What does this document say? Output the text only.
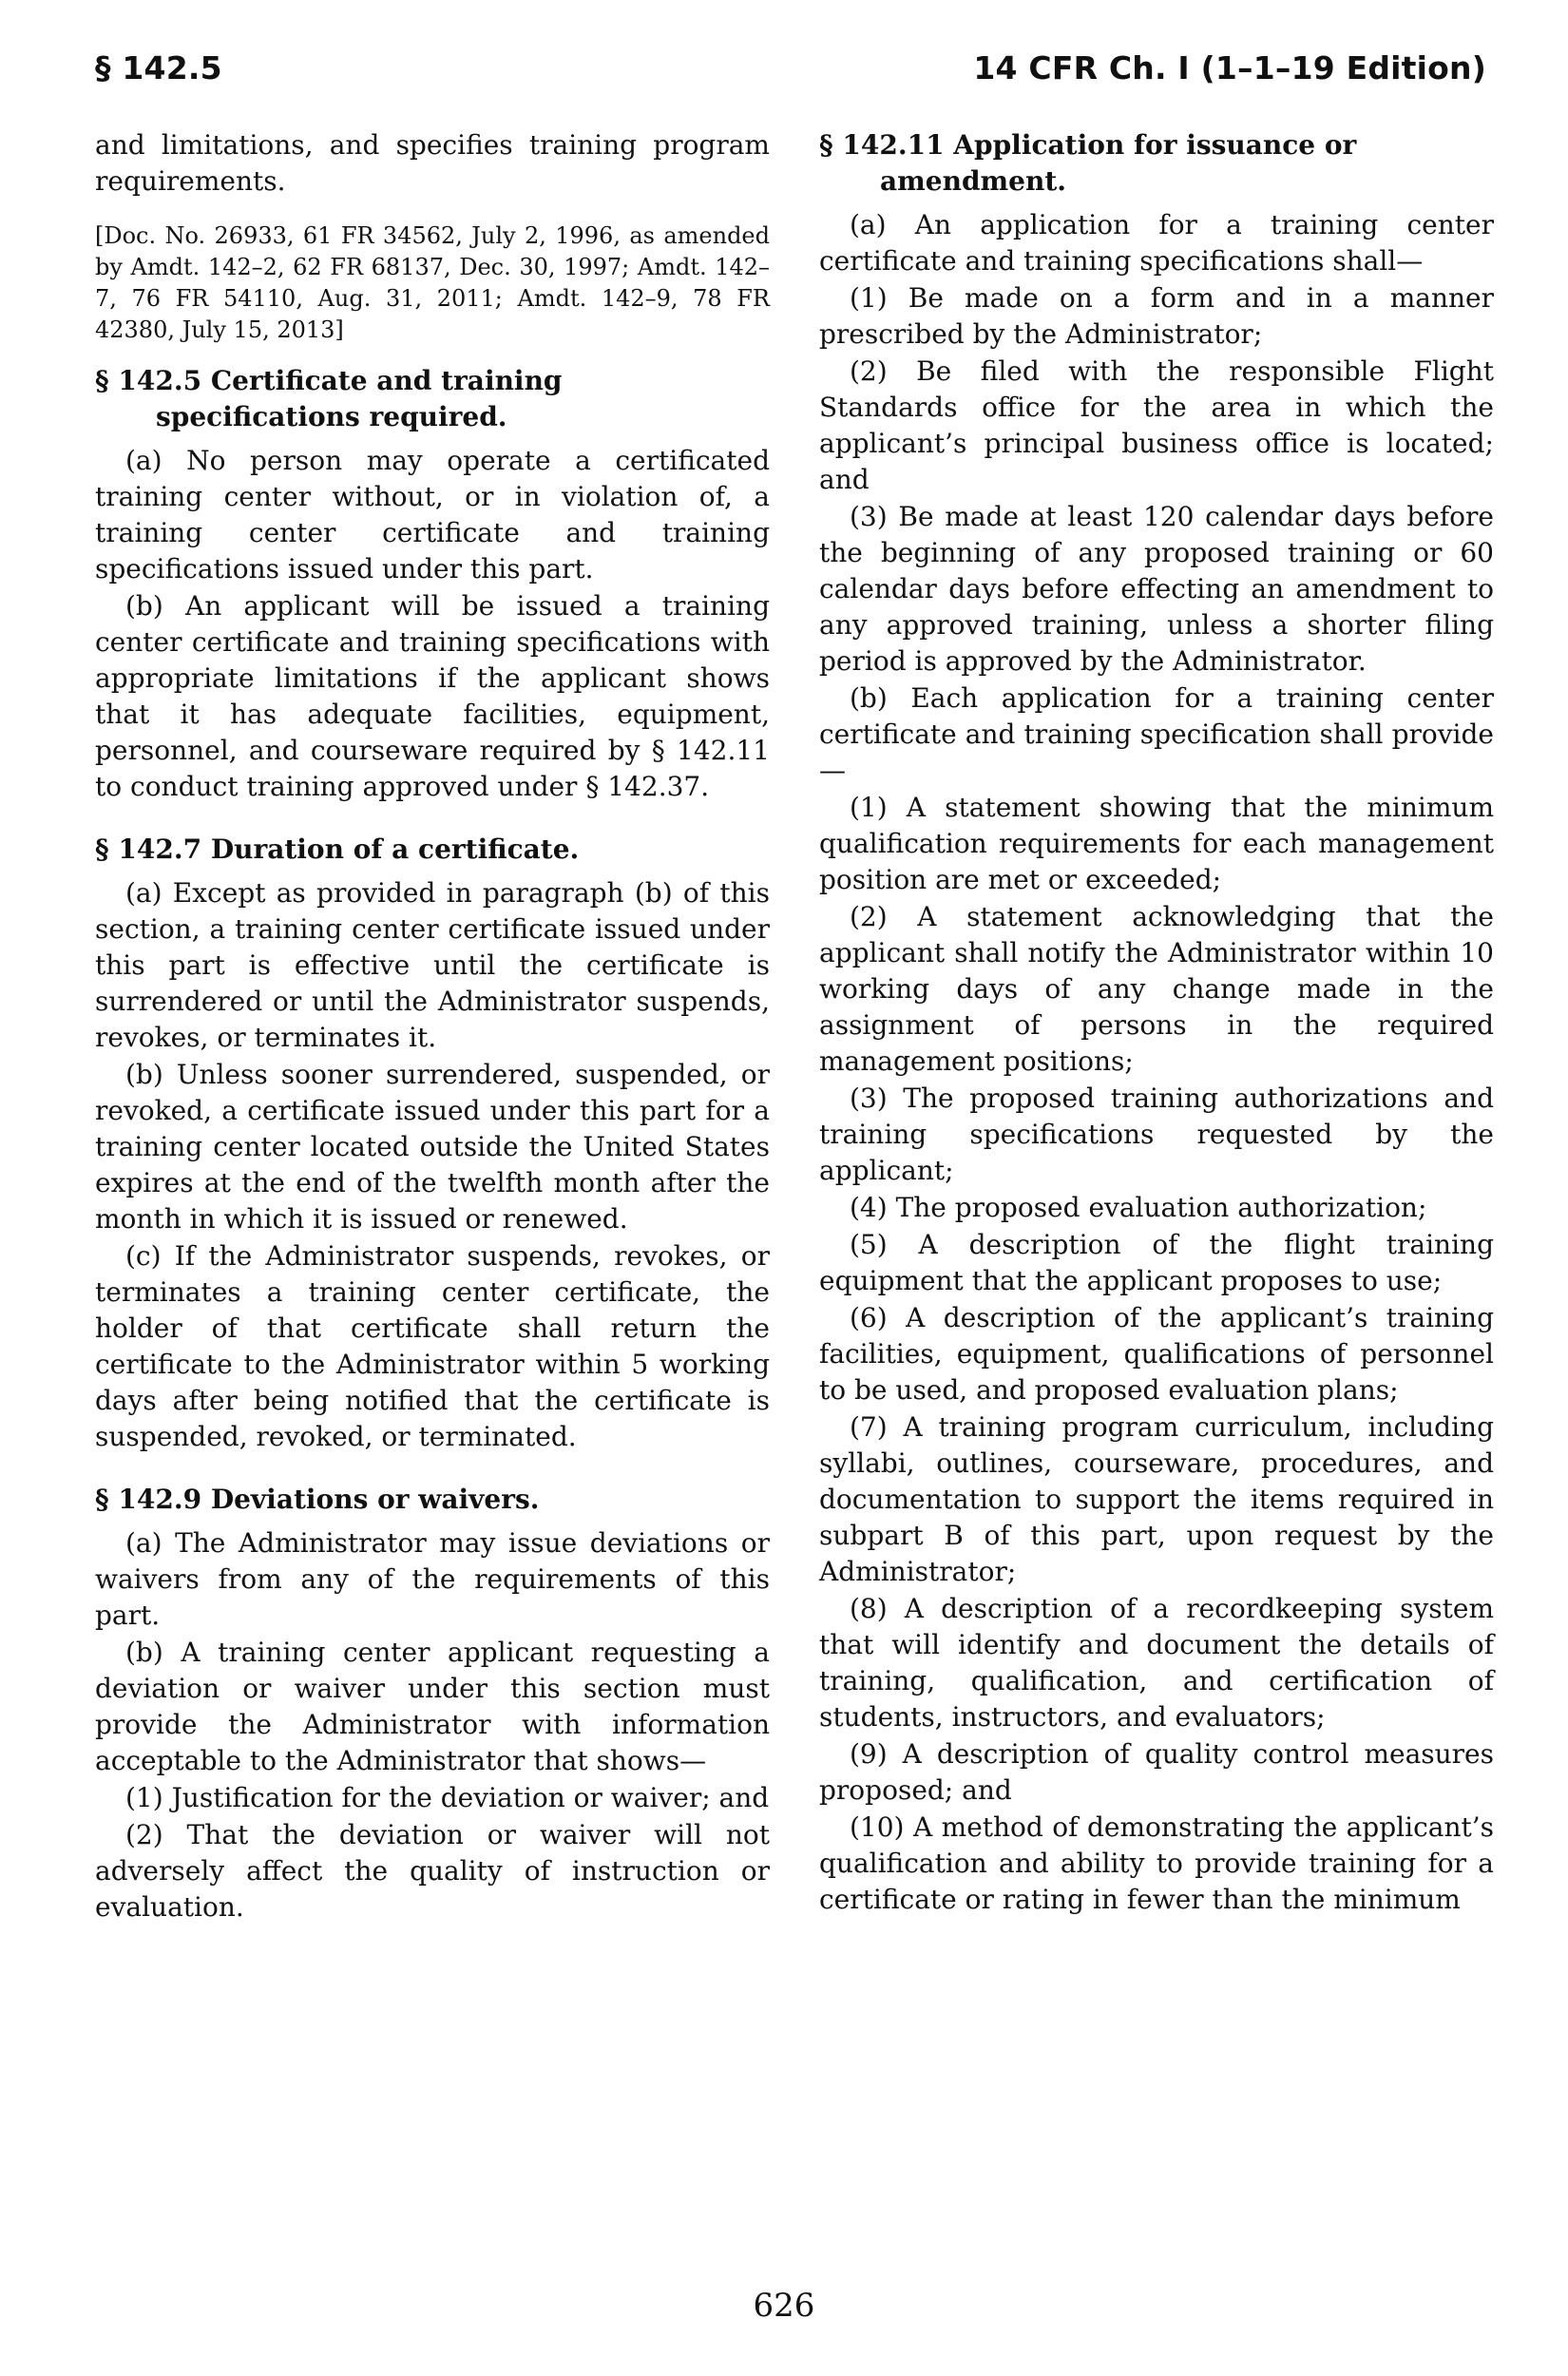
§ 142.5	14 CFR Ch. I (1–1–19 Edition)

and limitations, and specifies training program requirements.

[Doc. No. 26933, 61 FR 34562, July 2, 1996, as amended by Amdt. 142–2, 62 FR 68137, Dec. 30, 1997; Amdt. 142–7, 76 FR 54110, Aug. 31, 2011; Amdt. 142–9, 78 FR 42380, July 15, 2013]

§ 142.5 Certificate and training specifications required.

(a) No person may operate a certificated training center without, or in violation of, a training center certificate and training specifications issued under this part.

(b) An applicant will be issued a training center certificate and training specifications with appropriate limitations if the applicant shows that it has adequate facilities, equipment, personnel, and courseware required by § 142.11 to conduct training approved under § 142.37.

§ 142.7 Duration of a certificate.

(a) Except as provided in paragraph (b) of this section, a training center certificate issued under this part is effective until the certificate is surrendered or until the Administrator suspends, revokes, or terminates it.

(b) Unless sooner surrendered, suspended, or revoked, a certificate issued under this part for a training center located outside the United States expires at the end of the twelfth month after the month in which it is issued or renewed.

(c) If the Administrator suspends, revokes, or terminates a training center certificate, the holder of that certificate shall return the certificate to the Administrator within 5 working days after being notified that the certificate is suspended, revoked, or terminated.

§ 142.9 Deviations or waivers.

(a) The Administrator may issue deviations or waivers from any of the requirements of this part.

(b) A training center applicant requesting a deviation or waiver under this section must provide the Administrator with information acceptable to the Administrator that shows—

(1) Justification for the deviation or waiver; and

(2) That the deviation or waiver will not adversely affect the quality of instruction or evaluation.

§ 142.11 Application for issuance or amendment.

(a) An application for a training center certificate and training specifications shall—

(1) Be made on a form and in a manner prescribed by the Administrator;

(2) Be filed with the responsible Flight Standards office for the area in which the applicant’s principal business office is located; and

(3) Be made at least 120 calendar days before the beginning of any proposed training or 60 calendar days before effecting an amendment to any approved training, unless a shorter filing period is approved by the Administrator.

(b) Each application for a training center certificate and training specification shall provide—

(1) A statement showing that the minimum qualification requirements for each management position are met or exceeded;

(2) A statement acknowledging that the applicant shall notify the Administrator within 10 working days of any change made in the assignment of persons in the required management positions;

(3) The proposed training authorizations and training specifications requested by the applicant;

(4) The proposed evaluation authorization;

(5) A description of the flight training equipment that the applicant proposes to use;

(6) A description of the applicant’s training facilities, equipment, qualifications of personnel to be used, and proposed evaluation plans;

(7) A training program curriculum, including syllabi, outlines, courseware, procedures, and documentation to support the items required in subpart B of this part, upon request by the Administrator;

(8) A description of a recordkeeping system that will identify and document the details of training, qualification, and certification of students, instructors, and evaluators;

(9) A description of quality control measures proposed; and

(10) A method of demonstrating the applicant’s qualification and ability to provide training for a certificate or rating in fewer than the minimum

626
